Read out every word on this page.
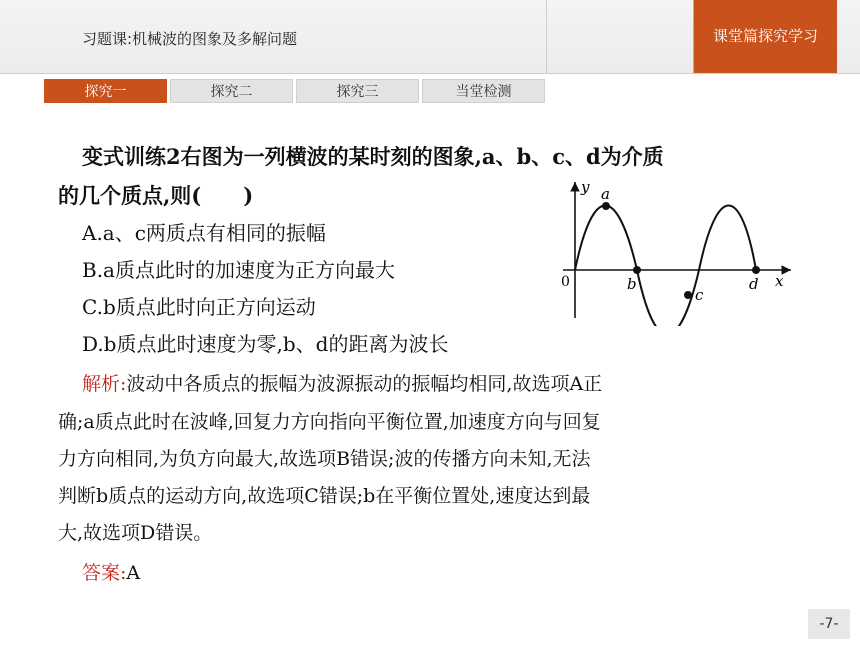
习题课:机械波的图象及多解问题	课堂篇探究学习
探究一	探究二	探究三	当堂检测
变式训练2右图为一列横波的某时刻的图象,a、b、c、d为介质
的几个质点,则(　　)
A.a、c两质点有相同的振幅
B.a质点此时的加速度为正方向最大
C.b质点此时向正方向运动
D.b质点此时速度为零,b、d的距离为波长
解析:波动中各质点的振幅为波源振动的振幅均相同,故选项A正
确;a质点此时在波峰,回复力方向指向平衡位置,加速度方向与回复
力方向相同,为负方向最大,故选项B错误;波的传播方向未知,无法
判断b质点的运动方向,故选项C错误;b在平衡位置处,速度达到最
大,故选项D错误。
答案:A
y
x
0
a
b
c
d
-7-
